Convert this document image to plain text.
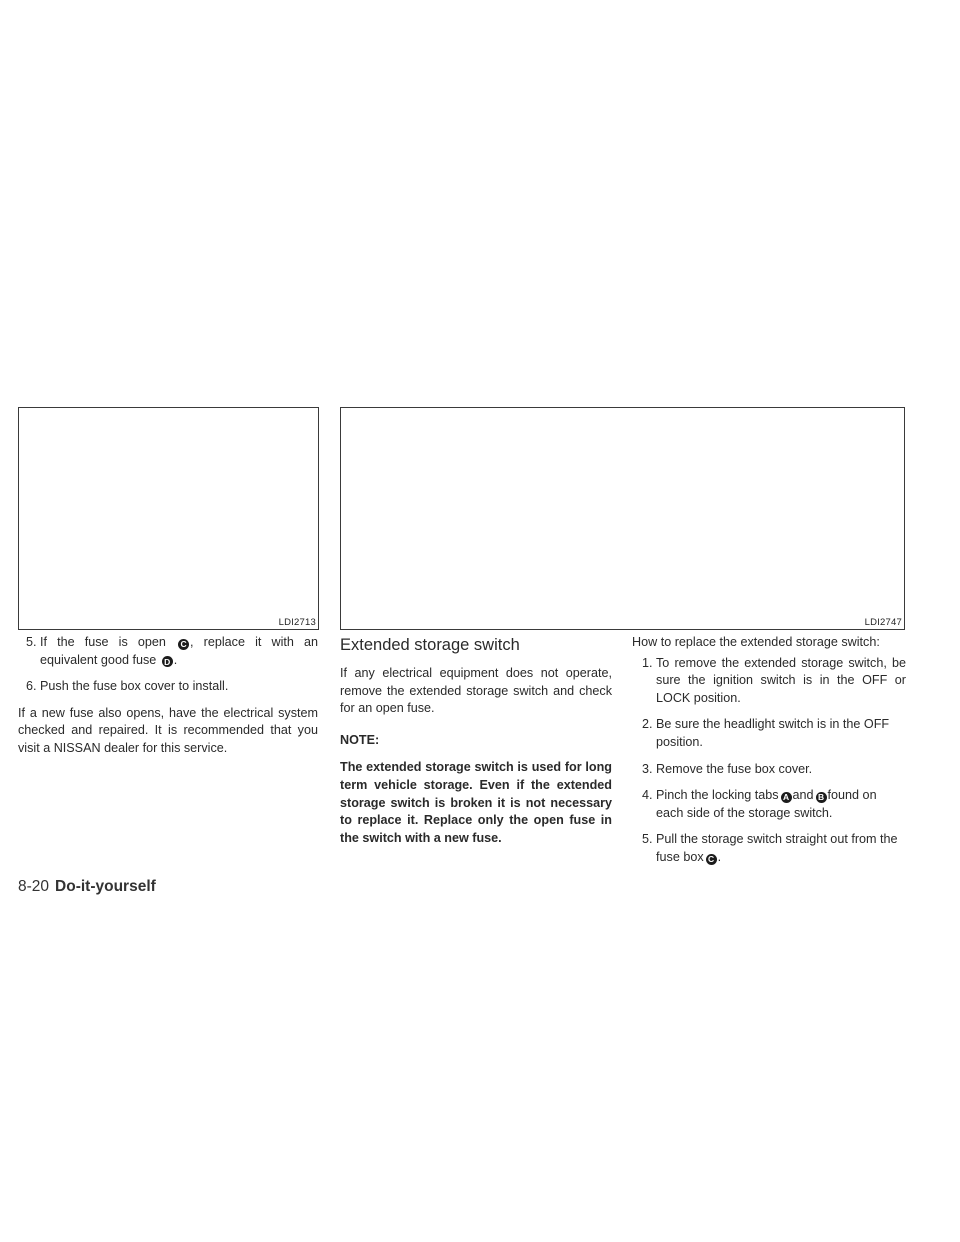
LDI2713	LDI2747
5.
If the fuse is open C , replace it with an equivalent good fuse D .
6.
Push the fuse box cover to install.

If a new fuse also opens, have the electrical system checked and repaired. It is recommended that you visit a NISSAN dealer for this service.

Extended storage switch

If any electrical equipment does not operate, remove the extended storage switch and check for an open fuse.

NOTE:

The extended storage switch is used for long term vehicle storage. Even if the extended storage switch is broken it is not necessary to replace it. Replace only the open fuse in the switch with a new fuse.

How to replace the extended storage switch:

1.
To remove the extended storage switch, be sure the ignition switch is in the OFF or LOCK position.
2.
Be sure the headlight switch is in the OFF position.
3.
Remove the fuse box cover.
4.
Pinch the locking tabs A and B found on each side of the storage switch.
5.
Pull the storage switch straight out from the fuse box C .
8-20 Do-it-yourself
